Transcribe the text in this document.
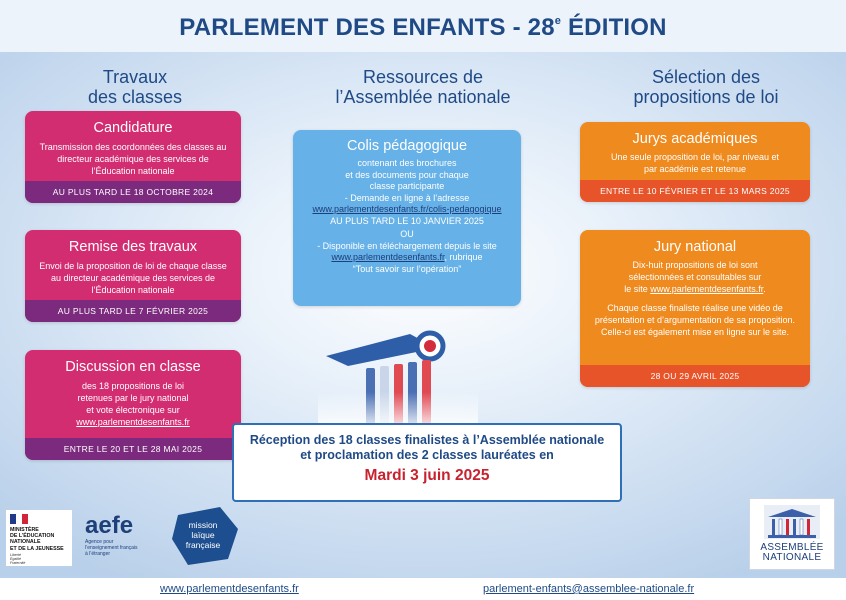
PARLEMENT DES ENFANTS - 28e ÉDITION
Travaux
des classes
Ressources de
l’Assemblée nationale
Sélection des
propositions de loi
Candidature
Transmission des coordonnées des classes au directeur académique des services de l’Éducation nationale
AU PLUS TARD LE 18 OCTOBRE 2024
Remise des travaux
Envoi de la proposition de loi de chaque classe au directeur académique des services de l’Éducation nationale
AU PLUS TARD LE 7 FÉVRIER 2025
Discussion en classe
des 18 propositions de loi
retenues par le jury national
et vote électronique sur
www.parlementdesenfants.fr
ENTRE LE 20 ET LE 28 MAI 2025
Colis pédagogique
contenant des brochures
et des documents pour chaque
classe participante
- Demande en ligne à l’adresse
www.parlementdesenfants.fr/colis-pedagogique
AU PLUS TARD LE 10 JANVIER 2025
OU
- Disponible en téléchargement depuis le site
www.parlementdesenfants.fr, rubrique
“Tout savoir sur l’opération”
Jurys académiques
Une seule proposition de loi, par niveau et par académie est retenue
ENTRE LE 10 FÉVRIER ET LE 13 MARS 2025
Jury national
Dix-huit propositions de loi sont
sélectionnées et consultables sur
le site www.parlementdesenfants.fr.
Chaque classe finaliste réalise une vidéo de présentation et d’argumentation de sa proposition. Celle-ci est également mise en ligne sur le site.
28 OU 29 AVRIL 2025
Réception des 18 classes finalistes à l’Assemblée nationale
et proclamation des 2 classes lauréates en
Mardi 3 juin 2025
MINISTÈRE
DE L’ÉDUCATION
NATIONALE
ET DE LA JEUNESSE
Liberté
Égalité
Fraternité
aefe
Agence pour
l’enseignement français
à l’étranger
mission
laïque
française	ASSEMBLÉE
NATIONALE
www.parlementdesenfants.fr	parlement-enfants@assemblee-nationale.fr
